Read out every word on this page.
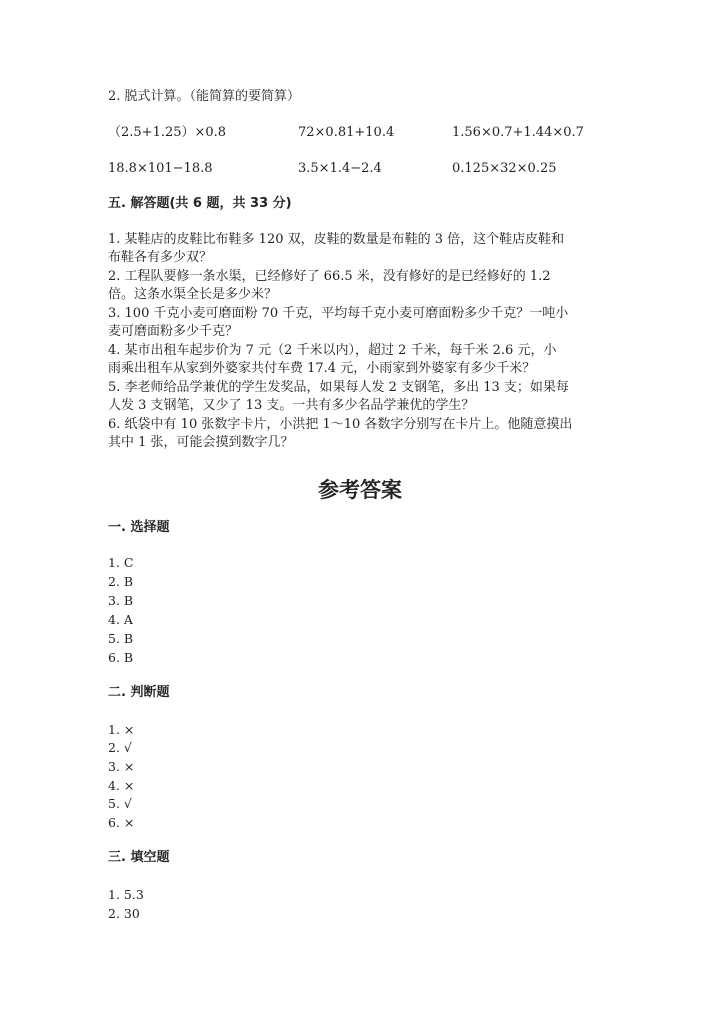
2. 脱式计算。（能简算的要简算）
（2.5+1.25）×0.8	72×0.81+10.4	1.56×0.7+1.44×0.7
18.8×101−18.8	3.5×1.4−2.4	0.125×32×0.25
五. 解答题(共 6 题，共 33 分)
1. 某鞋店的皮鞋比布鞋多 120 双，皮鞋的数量是布鞋的 3 倍，这个鞋店皮鞋和
布鞋各有多少双？
2. 工程队要修一条水渠，已经修好了 66.5 米，没有修好的是已经修好的 1.2
倍。这条水渠全长是多少米？
3. 100 千克小麦可磨面粉 70 千克，平均每千克小麦可磨面粉多少千克？一吨小
麦可磨面粉多少千克？
4. 某市出租车起步价为 7 元（2 千米以内），超过 2 千米，每千米 2.6 元，小
雨乘出租车从家到外婆家共付车费 17.4 元，小雨家到外婆家有多少千米？
5. 李老师给品学兼优的学生发奖品，如果每人发 2 支钢笔，多出 13 支；如果每
人发 3 支钢笔，又少了 13 支。一共有多少名品学兼优的学生？
6. 纸袋中有 10 张数字卡片，小洪把 1～10 各数字分别写在卡片上。他随意摸出
其中 1 张，可能会摸到数字几？
参考答案
一. 选择题
1. C
2. B
3. B
4. A
5. B
6. B
二. 判断题
1. ×
2. √
3. ×
4. ×
5. √
6. ×
三. 填空题
1. 5.3
2. 30
